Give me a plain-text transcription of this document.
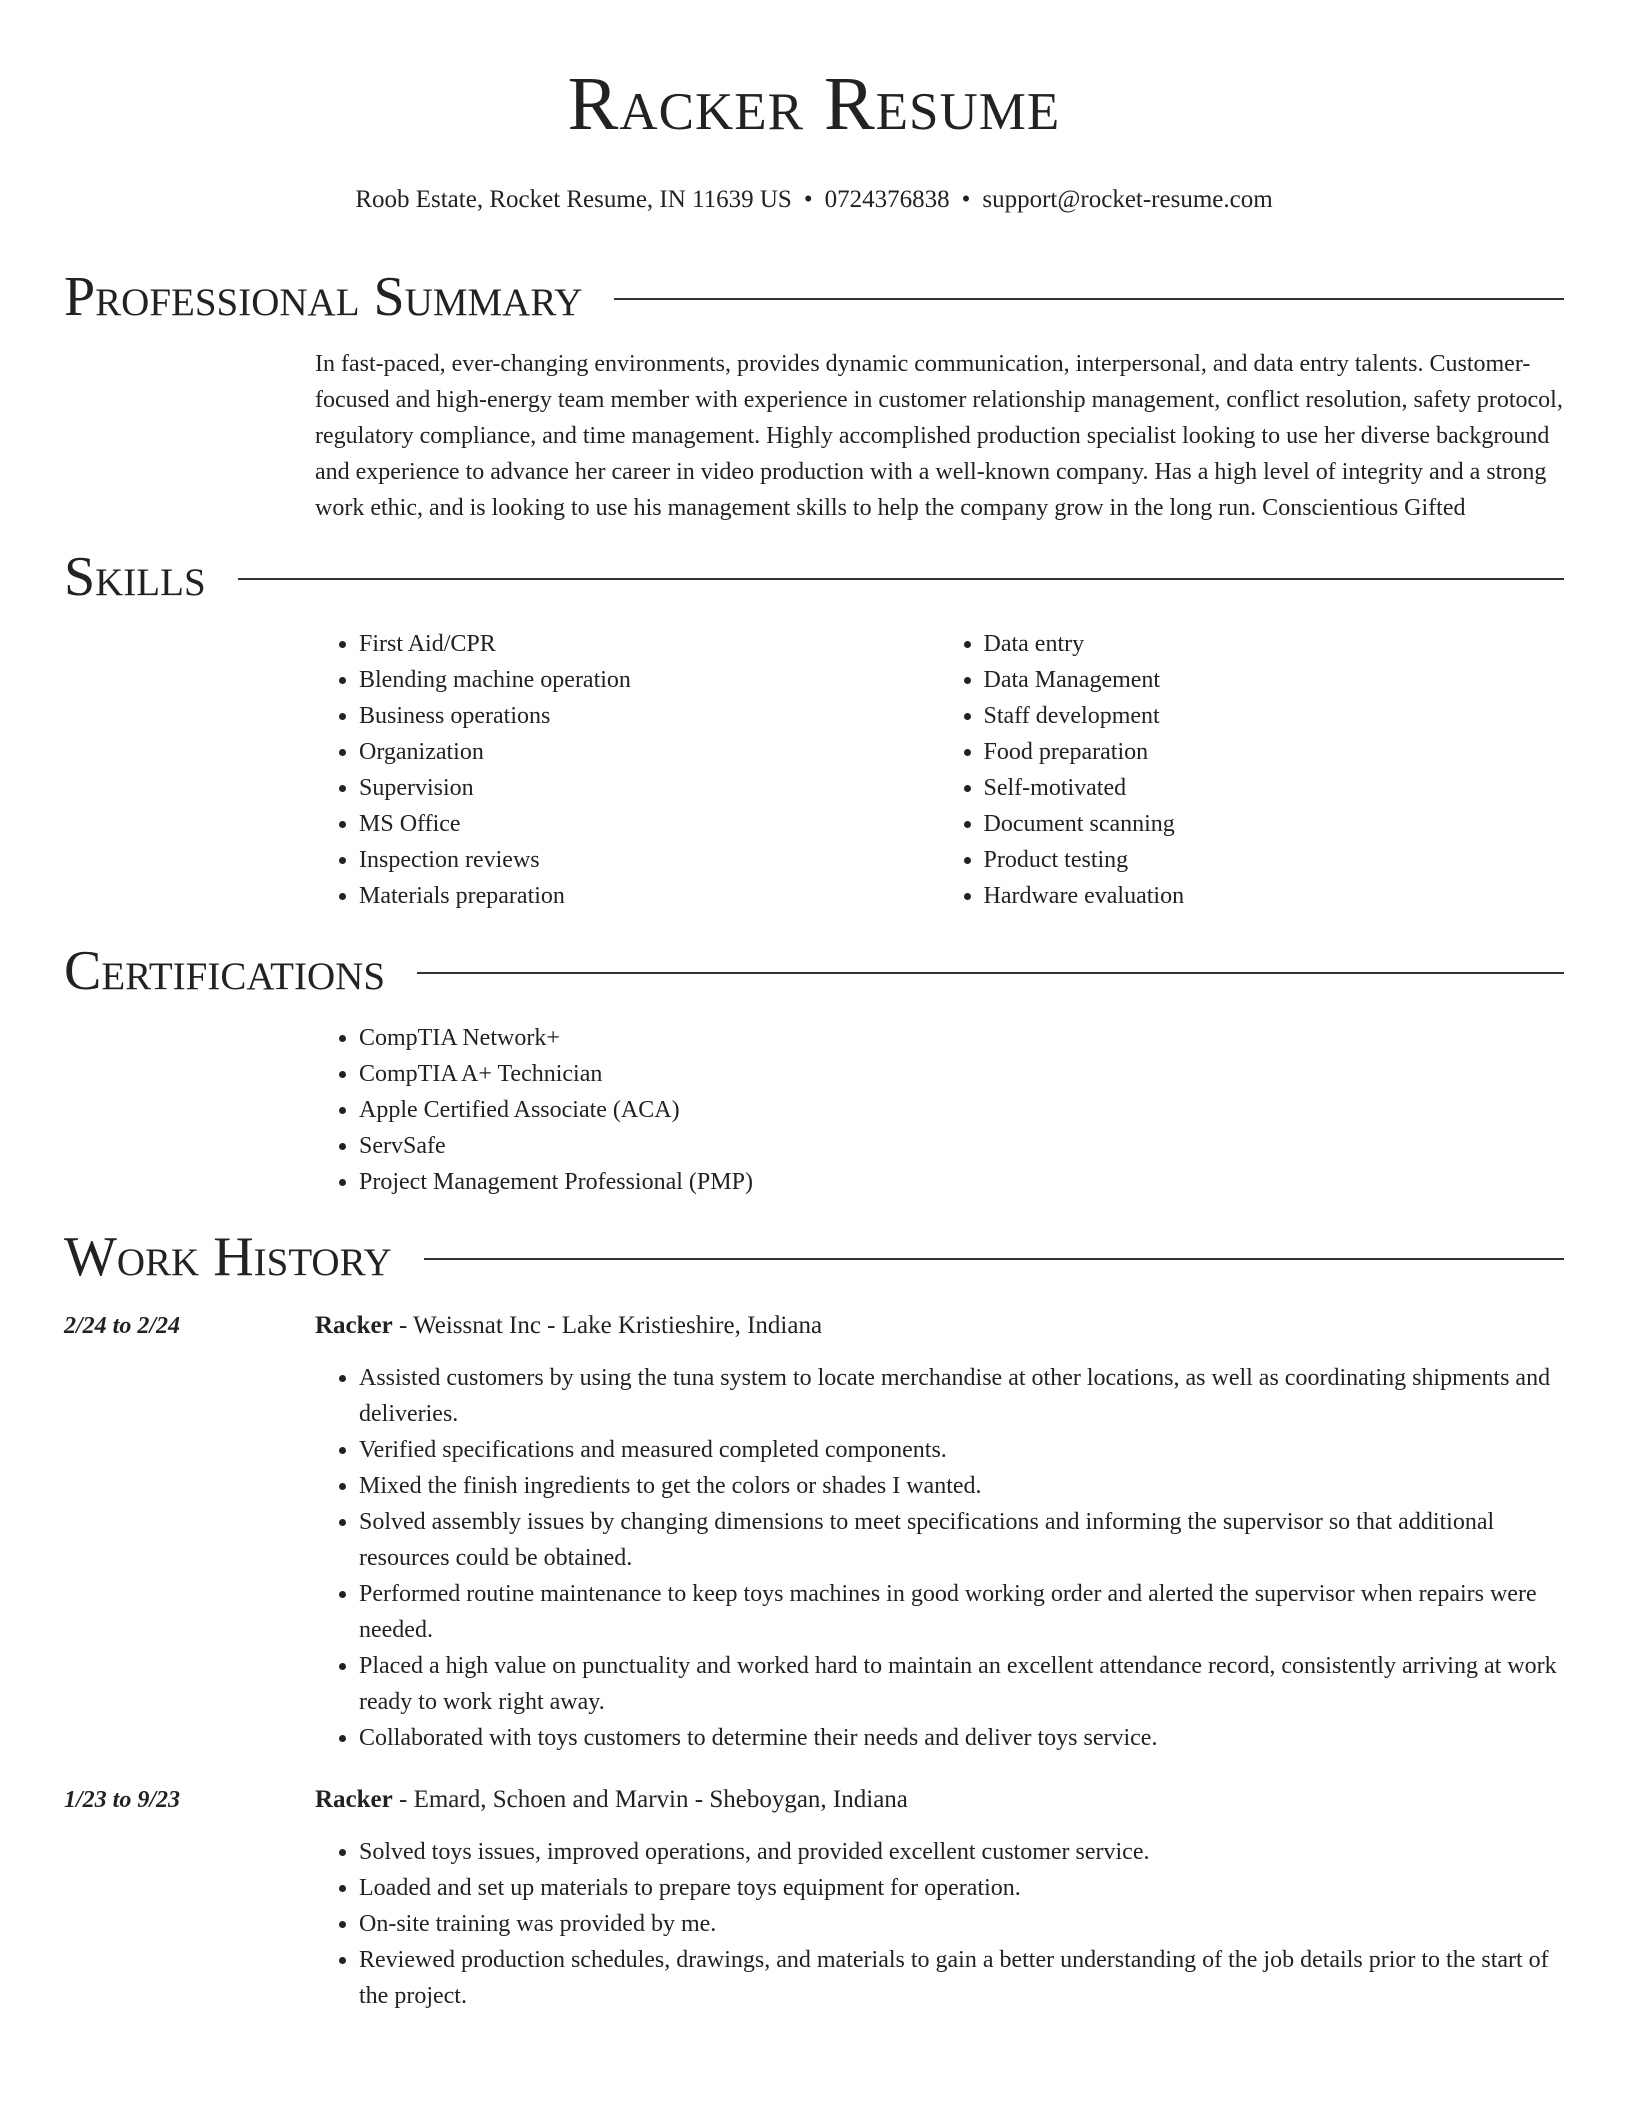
Racker Resume
Roob Estate, Rocket Resume, IN 11639 US • 0724376838 • support@rocket-resume.com
Professional Summary
In fast-paced, ever-changing environments, provides dynamic communication, interpersonal, and data entry talents. Customer-focused and high-energy team member with experience in customer relationship management, conflict resolution, safety protocol, regulatory compliance, and time management. Highly accomplished production specialist looking to use her diverse background and experience to advance her career in video production with a well-known company. Has a high level of integrity and a strong work ethic, and is looking to use his management skills to help the company grow in the long run. Conscientious Gifted
Skills
• First Aid/CPR
• Blending machine operation
• Business operations
• Organization
• Supervision
• MS Office
• Inspection reviews
• Materials preparation
• Data entry
• Data Management
• Staff development
• Food preparation
• Self-motivated
• Document scanning
• Product testing
• Hardware evaluation
Certifications
• CompTIA Network+
• CompTIA A+ Technician
• Apple Certified Associate (ACA)
• ServSafe
• Project Management Professional (PMP)
Work History
2/24 to 2/24	Racker - Weissnat Inc - Lake Kristieshire, Indiana
• Assisted customers by using the tuna system to locate merchandise at other locations, as well as coordinating shipments and deliveries.
• Verified specifications and measured completed components.
• Mixed the finish ingredients to get the colors or shades I wanted.
• Solved assembly issues by changing dimensions to meet specifications and informing the supervisor so that additional resources could be obtained.
• Performed routine maintenance to keep toys machines in good working order and alerted the supervisor when repairs were needed.
• Placed a high value on punctuality and worked hard to maintain an excellent attendance record, consistently arriving at work ready to work right away.
• Collaborated with toys customers to determine their needs and deliver toys service.
1/23 to 9/23	Racker - Emard, Schoen and Marvin - Sheboygan, Indiana
• Solved toys issues, improved operations, and provided excellent customer service.
• Loaded and set up materials to prepare toys equipment for operation.
• On-site training was provided by me.
• Reviewed production schedules, drawings, and materials to gain a better understanding of the job details prior to the start of the project.
